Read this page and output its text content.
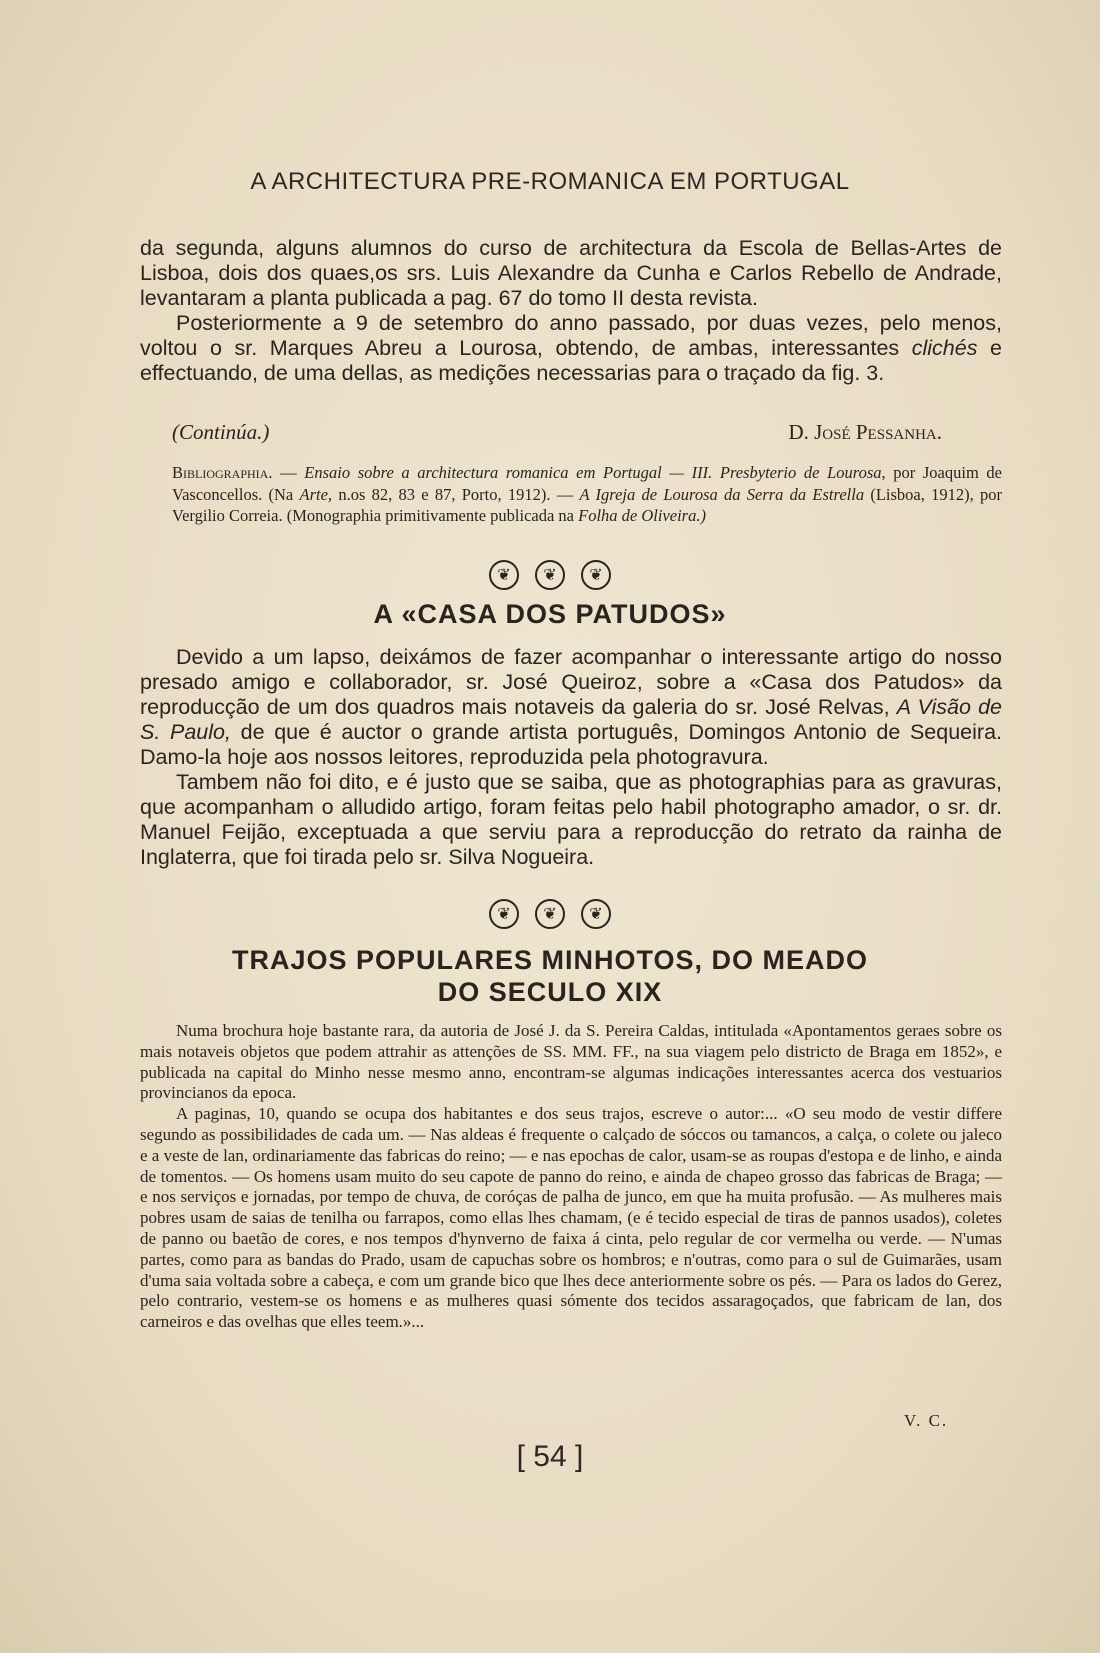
A ARCHITECTURA PRE-ROMANICA EM PORTUGAL

da segunda, alguns alumnos do curso de architectura da Escola de Bellas-Artes de Lisboa, dois dos quaes,os srs. Luis Alexandre da Cunha e Carlos Rebello de Andrade, levantaram a planta publicada a pag. 67 do tomo II desta revista.

Posteriormente a 9 de setembro do anno passado, por duas vezes, pelo menos, voltou o sr. Marques Abreu a Lourosa, obtendo, de ambas, interessantes clichés e effectuando, de uma dellas, as medições necessarias para o traçado da fig. 3.

(Continúa.)	D. José Pessanha.

Bibliographia. — Ensaio sobre a architectura romanica em Portugal — III. Presbyterio de Lourosa, por Joaquim de Vasconcellos. (Na Arte, n.os 82, 83 e 87, Porto, 1912). — A Igreja de Lourosa da Serra da Estrella (Lisboa, 1912), por Vergilio Correia. (Monographia primitivamente publicada na Folha de Oliveira.)

❦	❦	❦
A «CASA DOS PATUDOS»

Devido a um lapso, deixámos de fazer acompanhar o interessante artigo do nosso presado amigo e collaborador, sr. José Queiroz, sobre a «Casa dos Patudos» da reproducção de um dos quadros mais notaveis da galeria do sr. José Relvas, A Visão de S. Paulo, de que é auctor o grande artista português, Domingos Antonio de Sequeira. Damo-la hoje aos nossos leitores, reproduzida pela photogravura.

Tambem não foi dito, e é justo que se saiba, que as photographias para as gravuras, que acompanham o alludido artigo, foram feitas pelo habil photographo amador, o sr. dr. Manuel Feijão, exceptuada a que serviu para a reproducção do retrato da rainha de Inglaterra, que foi tirada pelo sr. Silva Nogueira.

❦	❦	❦
TRAJOS POPULARES MINHOTOS, DO MEADO
DO SECULO XIX

Numa brochura hoje bastante rara, da autoria de José J. da S. Pereira Caldas, intitulada «Apontamentos geraes sobre os mais notaveis objetos que podem attrahir as attenções de SS. MM. FF., na sua viagem pelo districto de Braga em 1852», e publicada na capital do Minho nesse mesmo anno, encontram-se algumas indicações interessantes acerca dos vestuarios provincianos da epoca.

A paginas, 10, quando se ocupa dos habitantes e dos seus trajos, escreve o autor:... «O seu modo de vestir differe segundo as possibilidades de cada um. — Nas aldeas é frequente o calçado de sóccos ou tamancos, a calça, o colete ou jaleco e a veste de lan, ordinariamente das fabricas do reino; — e nas epochas de calor, usam-se as roupas d'estopa e de linho, e ainda de tomentos. — Os homens usam muito do seu capote de panno do reino, e ainda de chapeo grosso das fabricas de Braga; — e nos serviços e jornadas, por tempo de chuva, de coróças de palha de junco, em que ha muita profusão. — As mulheres mais pobres usam de saias de tenilha ou farrapos, como ellas lhes chamam, (e é tecido especial de tiras de pannos usados), coletes de panno ou baetão de cores, e nos tempos d'hynverno de faixa á cinta, pelo regular de cor vermelha ou verde. — N'umas partes, como para as bandas do Prado, usam de capuchas sobre os hombros; e n'outras, como para o sul de Guimarães, usam d'uma saia voltada sobre a cabeça, e com um grande bico que lhes dece anteriormente sobre os pés. — Para os lados do Gerez, pelo contrario, vestem-se os homens e as mulheres quasi sómente dos tecidos assaragoçados, que fabricam de lan, dos carneiros e das ovelhas que elles teem.»...

V. C.
[ 54 ]
